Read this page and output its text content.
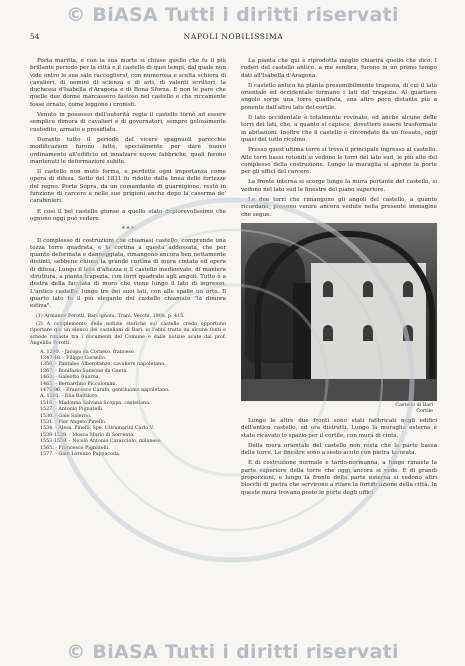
© BiASA Tutti i diritti riservati
54	NAPOLI NOBILISSIMA

Porta maritta, e con la sua morte si chiuse quello che fu il più brillante periodo per la città e il castello di quei tempi, dal quale non vide entro le sue sale raccogliersi, con numerosa e scelta schiera di cavalieri, di uomini di scienza e di arti, di valenti scrittori, la duchessa d'Isabella d'Aragona e di Bona Sforza. E non le pare che quelle due donne marcassero fastoso nel castello e che riccamente fosse ornato, come leggono i cronisti.

Venuto in possesso dell'autorità regia il castello tornò ad essere semplice dimora di cavalieri e di governatori, sempre gelosamente custodito, armato e presidiato.

Durante tutto il periodo del viceré spagnuoli parecchie modificazioni furono fatte, specialmente per dare nuovo ordinamento all'edificio ed innalzare nuove fabbriche, quali furono mantenuti le deformazioni subite.

Il castello non mutò forma, e perdette ogni importanza come opera di difesa. Sotto del 1831 fu ridotto dalla linea delle fortezze del regno. Porta Sopra, da un comandante di guarnigione, restò in funzione di carcere e nelle sue prigioni anche dopo la caserma de' carabinieri.

E così il bel castello giunse a quello stato deplorevolissimo che ognuno oggi può vedere.

* * *

Il complesso di costruzioni che chiamasi castello, comprende una tozza torre quadrata, e la cortina a questa addossata, che per quanto deformata e danneggiata, rimangono ancora ben nettamente distinti, sebbene chiusa la grande cortina di mura cintata ed opera di difesa. Lungo il lato d'altezza e il castello medioevale, di maniera struttura, a pianta trapezia, con torri quadrate agli angoli. Tutto è a destra della facciata di mura che viene lungo il lato di ingresso. L'antico castello, lungo tre dei suoi lati, con alle spalle un orto. Il quarto lato fu il più elegante del castello chiamato "la dimora estiva".

(1) Armando Perotti, Bari ignota. Trani, Vecchi, 1908, p. 415.

(2) A complemento delle notizie storiche sul castello credo opportuno riportare qui un elenco dei castellani di Bari: io l'ebbi tratto da alcune fonti e schede rimaste tra i documenti del Comune e dalle notizie avute dal prof. Angelillo Perotti.

A. 1290. - Jacopo da Corneto, francese.
1347-48. - Filippo Corsello.
1350. - Pantaleo Alberotanzo, cavaliere napoletano.
1367. - Bonifazio Sansone da Gaeta.
1463. - Galeotto Guarna.
1465. - Bernardino Piccolomini.
1475-96. - Francesco Carafa, gentiluomo napoletano.
A. 1501. - Elia Battiloro.
1519. - Madonna Salvana Scoppa, castellana.
1527. - Antonio Pignatelli.
1530. - Gaio Salerno.
1531. - Pier Angelo Pinello.
1534. - Aless. Pinelli, Spe. Ultramarini Carlo V.
1538-1539. - Mosca Mario di Sorrento.
1553-1559. - Nicolò Antonio Caracciolo, milanese.
1565. - Francesco Pignatelli.
1577. - Gian Lorenzo Pappacoda.

La pianta che qui è riprodotta meglio chiarirà quello che dico. I ruderi del castello antico, a me sembra, furono in un primo tempo dati all'Isabella d'Aragona.

Il castello antico ha pianta presumibilmente trapezia, di cui il lato orientale ed occidentale formano i lati del trapezio. Al quartiere angolo sorge una torre quadrata, una altro poco distante più a ponente dall'altro lato del cortile.

Il lato occidentale è totalmente rovinato, ed anche alcune delle torri dei lati, che, a quanto si capisce, dovettero essere trasformate in abitazioni. Inoltre che il castello è circondato da un fossato, oggi quasi del tutto ricolmo.

Presso quest'ultima torre si trova il principale ingresso al castello. Alle torri bassi rotondi si vedono le torri del lato sud, le più alte del complesso della costruzione. Lungo la muraglia si aprono le porte per gli uffici del carcere.

La fronte interna si scorge lungo la mura portante del castello, si vedono nel lato sud le finestre del piano superiore.

Le due torri che rimangono gli angoli del castello, a quanto ricordano, possono venire ancora vedute nella presente immagine che segue.

Castello di Bari
Cortile

Lungo le altre due fronti sono stati fabbricati negli edifici dell'antico castello, ed ora distrutti. Lungo la muraglia esterna è stato ricavato lo spazio per il cortile, con mura di cinta.

Della mura orientale del castello non resta che la parte bassa della torre. Le finestre sono a sesto acuto con pietra lavorata.

E di costruzione normale e tardo-normanna, a lungo rimasta la parte superiore della torre che oggi ancora si vede. È di grandi proporzioni, e lungo la fronte della parte esterna si vedono altri blocchi di pietra che servirono a rifare la fortificazione della città. In queste mura trovano posto le porte degli uffici.

© BiASA Tutti i diritti riservati
